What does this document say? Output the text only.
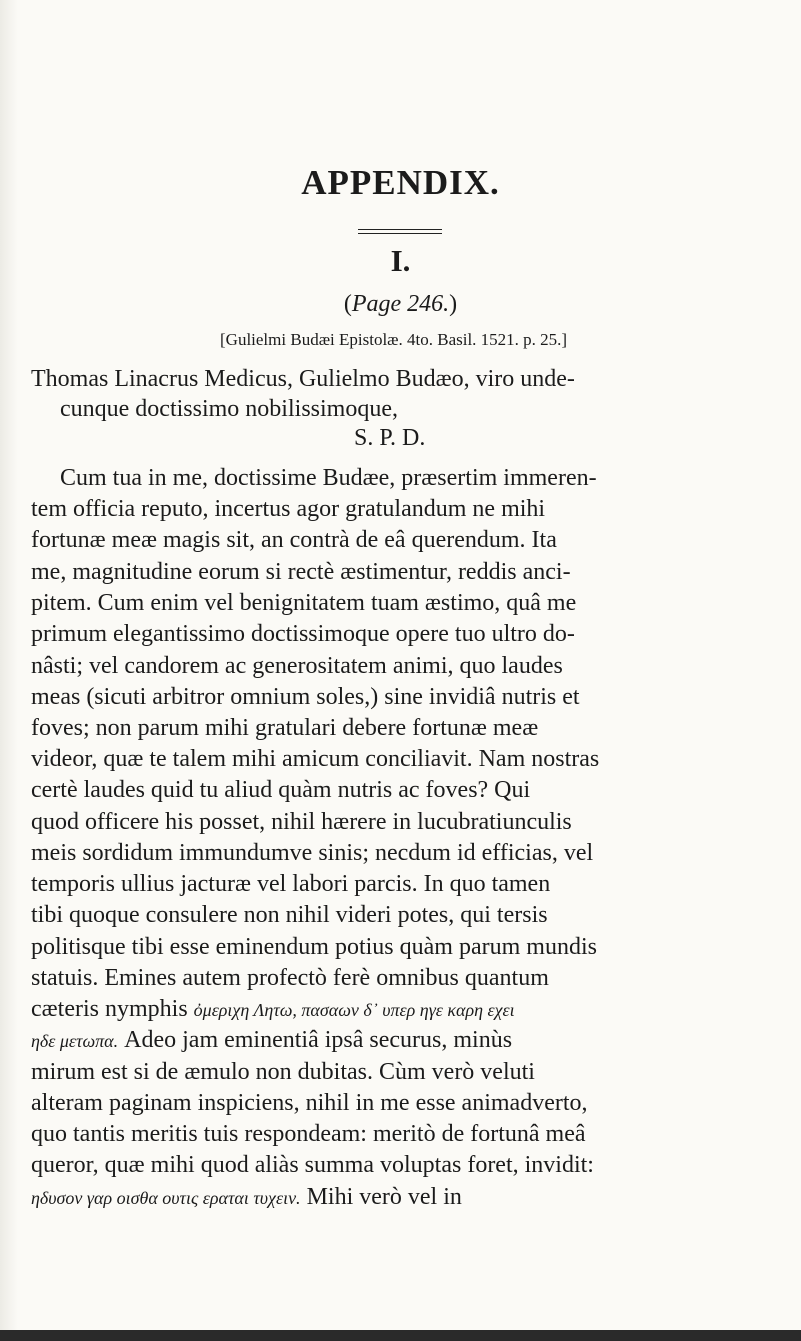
APPENDIX.
I.
(Page 246.)
[Gulielmi Budæi Epistolæ. 4to. Basil. 1521. p. 25.]
Thomas Linacrus Medicus, Gulielmo Budæo, viro unde-
cunque doctissimo nobilissimoque,
S. P. D.
Cum tua in me, doctissime Budæe, præsertim immeren-
tem officia reputo, incertus agor gratulandum ne mihi
fortunæ meæ magis sit, an contrà de eâ querendum. Ita
me, magnitudine eorum si rectè æstimentur, reddis anci-
pitem. Cum enim vel benignitatem tuam æstimo, quâ me
primum elegantissimo doctissimoque opere tuo ultro do-
nâsti; vel candorem ac generositatem animi, quo laudes
meas (sicuti arbitror omnium soles,) sine invidiâ nutris et
foves; non parum mihi gratulari debere fortunæ meæ
videor, quæ te talem mihi amicum conciliavit. Nam nostras
certè laudes quid tu aliud quàm nutris ac foves? Qui
quod officere his posset, nihil hærere in lucubratiunculis
meis sordidum immundumve sinis; necdum id efficias, vel
temporis ullius jacturæ vel labori parcis. In quo tamen
tibi quoque consulere non nihil videri potes, qui tersis
politisque tibi esse eminendum potius quàm parum mundis
statuis. Emines autem profectò ferè omnibus quantum
cæteris nymphis ὀμεριχη Λητω, πασαων δ᾽ υπερ ηγε καρη εχει
ηδε μετωπα. Adeo jam eminentiâ ipsâ securus, minùs
mirum est si de æmulo non dubitas. Cùm verò veluti
alteram paginam inspiciens, nihil in me esse animadverto,
quo tantis meritis tuis respondeam: meritò de fortunâ meâ
queror, quæ mihi quod aliàs summa voluptas foret, invidit:
ηδυσον γαρ οισθα ουτις εραται τυχειν. Mihi verò vel in
